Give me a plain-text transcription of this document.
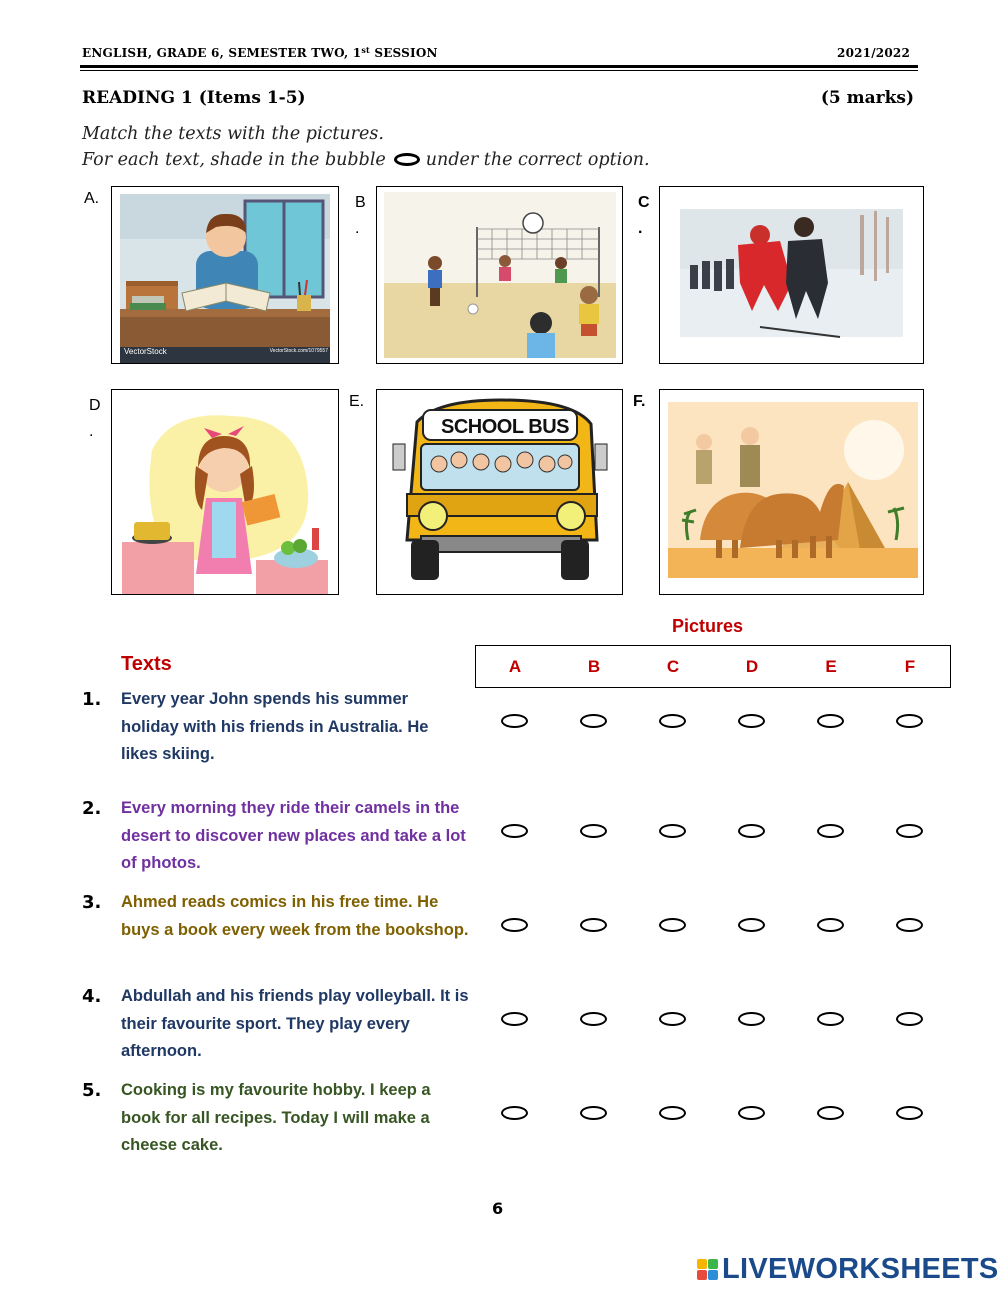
ENGLISH, GRADE 6, SEMESTER TWO, 1st SESSION	2021/2022
READING 1 (Items 1-5)	(5 marks)
Match the texts with the pictures.
For each text, shade in the bubble under the correct option.
A.	B
.
C
.
D
.
E.	F.
VectorStock	VectorStock.com/1079557
SCHOOL BUS
Pictures
Texts	A	B	C	D	E	F
1. Every year John spends his summer holiday with his friends in Australia. He likes skiing.
2. Every morning they ride their camels in the desert to discover new places and take a lot of photos.
3. Ahmed reads comics in his free time. He buys a book every week from the bookshop.
4. Abdullah and his friends play volleyball. It is their favourite sport. They play every afternoon.
5. Cooking is my favourite hobby. I keep a book for all recipes. Today I will make a cheese cake.
6
LIVEWORKSHEETS
